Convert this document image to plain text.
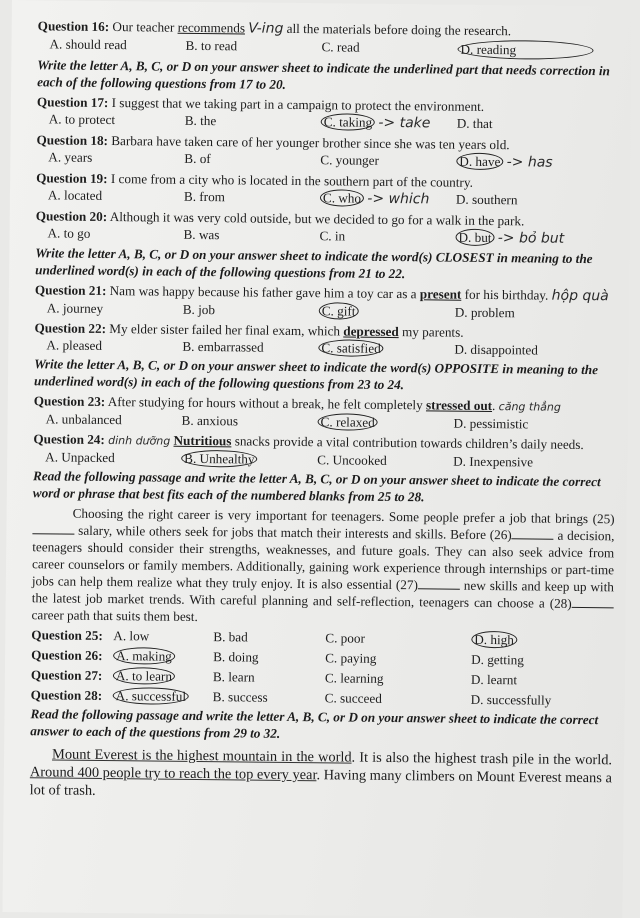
Question 16: Our teacher recommends V-ing all the materials before doing the research.
A. should read	B. to read	C. read	D. reading
Write the letter A, B, C, or D on your answer sheet to indicate the underlined part that needs correction in each of the following questions from 17 to 20.
Question 17: I suggest that we taking part in a campaign to protect the environment.
A. to protect	B. the	C. taking -> take	D. that
Question 18: Barbara have taken care of her younger brother since she was ten years old.
A. years	B. of	C. younger	D. have -> has
Question 19: I come from a city who is located in the southern part of the country.
A. located	B. from	C. who -> which	D. southern
Question 20: Although it was very cold outside, but we decided to go for a walk in the park.
A. to go	B. was	C. in	D. but -> bỏ but
Write the letter A, B, C, or D on your answer sheet to indicate the word(s) CLOSEST in meaning to the underlined word(s) in each of the following questions from 21 to 22.
Question 21: Nam was happy because his father gave him a toy car as a present for his birthday. hộp quà
A. journey	B. job	C. gift	D. problem
Question 22: My elder sister failed her final exam, which depressed my parents.
A. pleased	B. embarrassed	C. satisfied	D. disappointed
Write the letter A, B, C, or D on your answer sheet to indicate the word(s) OPPOSITE in meaning to the underlined word(s) in each of the following questions from 23 to 24.
Question 23: After studying for hours without a break, he felt completely stressed out. căng thẳng
A. unbalanced	B. anxious	C. relaxed	D. pessimistic
Question 24: dinh dưỡng Nutritious snacks provide a vital contribution towards children’s daily needs.
A. Unpacked	B. Unhealthy	C. Uncooked	D. Inexpensive
Read the following passage and write the letter A, B, C, or D on your answer sheet to indicate the correct word or phrase that best fits each of the numbered blanks from 25 to 28.

Choosing the right career is very important for teenagers. Some people prefer a job that brings (25) salary, while others seek for jobs that match their interests and skills. Before (26)	a decision, teenagers should consider their strengths, weaknesses, and future goals. They can also seek advice from career counselors or family members. Additionally, gaining work experience through internships or part-time jobs can help them realize what they truly enjoy. It is also essential (27)	new skills and keep up with the latest job market trends. With careful planning and self-reflection, teenagers can choose a (28) career path that suits them best.

Question 25: A. low	B. bad	C. poor	D. high
Question 26:	A. making	B. doing	C. paying	D. getting
Question 27:	A. to learn	B. learn	C. learning	D. learnt
Question 28:	A. successful	B. success	C. succeed	D. successfully
Read the following passage and write the letter A, B, C, or D on your answer sheet to indicate the correct answer to each of the questions from 29 to 32.

Mount Everest is the highest mountain in the world. It is also the highest trash pile in the world. Around 400 people try to reach the top every year. Having many climbers on Mount Everest means a lot of trash.
